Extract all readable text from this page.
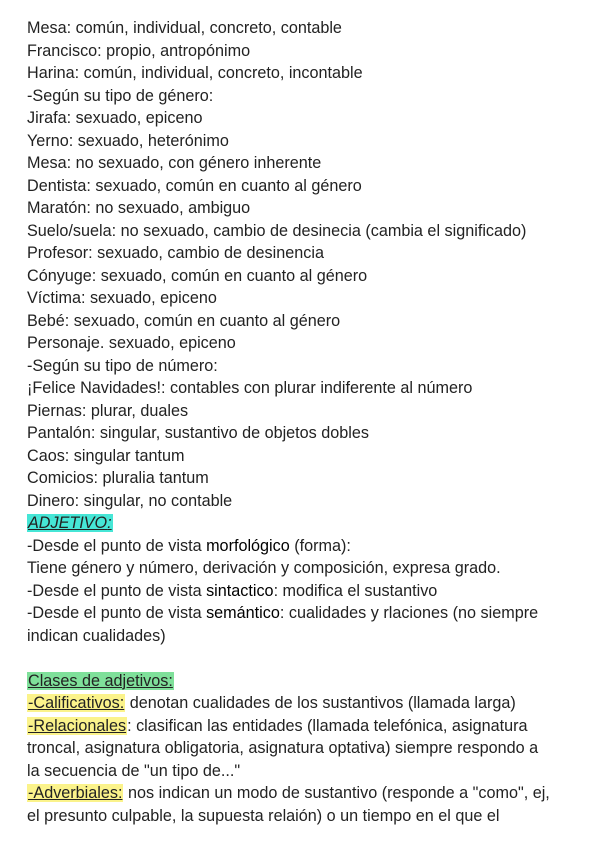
Mesa: común, individual, concreto, contable
Francisco: propio, antropónimo
Harina: común, individual, concreto, incontable
-Según su tipo de género:
Jirafa: sexuado, epiceno
Yerno: sexuado, heterónimo
Mesa: no sexuado, con género inherente
Dentista: sexuado, común en cuanto al género
Maratón: no sexuado, ambiguo
Suelo/suela: no sexuado, cambio de desinecia (cambia el significado)
Profesor: sexuado, cambio de desinencia
Cónyuge: sexuado, común en cuanto al género
Víctima: sexuado, epiceno
Bebé: sexuado, común en cuanto al género
Personaje. sexuado, epiceno
-Según su tipo de número:
¡Felice Navidades!: contables con plurar indiferente al número
Piernas: plurar, duales
Pantalón: singular, sustantivo de objetos dobles
Caos: singular tantum
Comicios: pluralia tantum
Dinero: singular, no contable
ADJETIVO:
-Desde el punto de vista morfológico (forma):
Tiene género y número, derivación y composición, expresa grado.
-Desde el punto de vista sintactico: modifica el sustantivo
-Desde el punto de vista semántico: cualidades y rlaciones (no siempre
indican cualidades)
Clases de adjetivos:
-Calificativos: denotan cualidades de los sustantivos (llamada larga)
-Relacionales: clasifican las entidades (llamada telefónica, asignatura
troncal, asignatura obligatoria, asignatura optativa) siempre respondo a
la secuencia de "un tipo de..."
-Adverbiales: nos indican un modo de sustantivo (responde a "como", ej,
el presunto culpable, la supuesta relaión) o un tiempo en el que el
